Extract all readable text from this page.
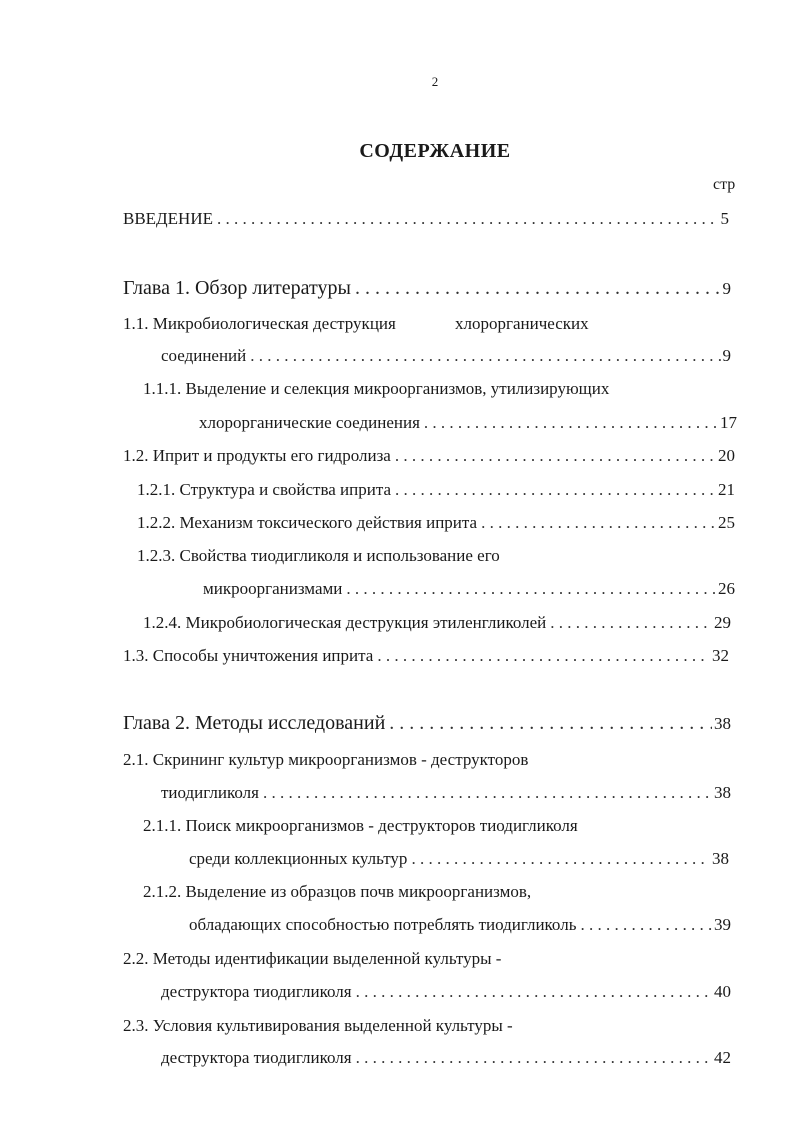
2
СОДЕРЖАНИЕ
стр
ВВЕДЕНИЕ . . .	5
Глава 1. Обзор литературы . . .	9
1.1. Микробиологическая деструкция	хлорорганических
соединений . . .	9
1.1.1. Выделение и селекция микроорганизмов, утилизирующих
хлорорганические соединения . . .	17
1.2. Иприт и продукты его гидролиза . . .	20
1.2.1. Структура и свойства иприта . . .	21
1.2.2. Механизм токсического действия иприта . . .	25
1.2.3. Свойства тиодигликоля и использование его
микроорганизмами . . .	26
1.2.4. Микробиологическая деструкция этиленгликолей . . .	29
1.3. Способы уничтожения иприта . . .	32
Глава 2. Методы исследований . . .	38
2.1. Скрининг культур микроорганизмов - деструкторов
тиодигликоля . . .	38
2.1.1. Поиск микроорганизмов - деструкторов тиодигликоля
среди коллекционных культур . . .	38
2.1.2. Выделение из образцов почв микроорганизмов,
обладающих способностью потреблять тиодигликоль . . .	39
2.2. Методы идентификации выделенной культуры -
деструктора тиодигликоля . . .	40
2.3. Условия культивирования выделенной культуры -
деструктора тиодигликоля . . .	42
